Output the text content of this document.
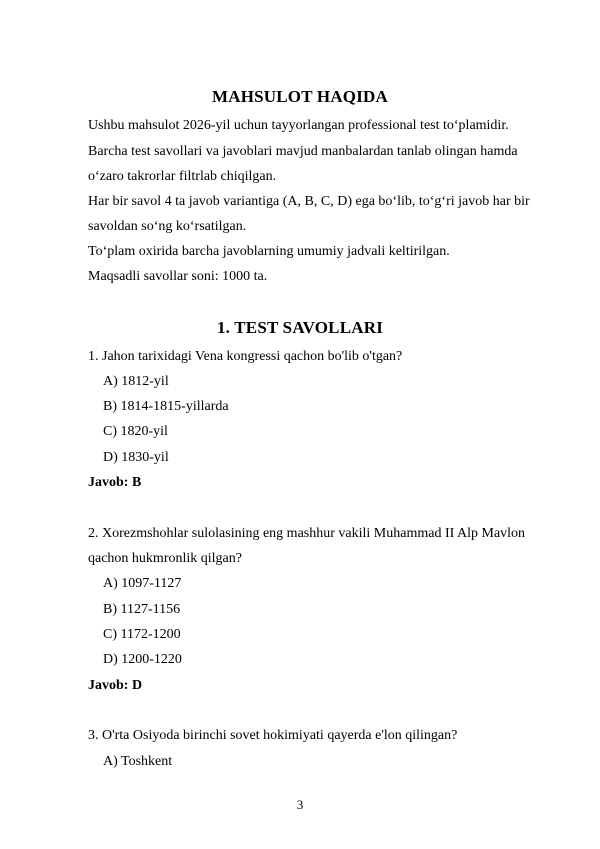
MAHSULOT HAQIDA
Ushbu mahsulot 2026-yil uchun tayyorlangan professional test to‘plamidir.
Barcha test savollari va javoblari mavjud manbalardan tanlab olingan hamda
o‘zaro takrorlar filtrlab chiqilgan.
Har bir savol 4 ta javob variantiga (A, B, C, D) ega bo‘lib, to‘g‘ri javob har bir
savoldan so‘ng ko‘rsatilgan.
To‘plam oxirida barcha javoblarning umumiy jadvali keltirilgan.
Maqsadli savollar soni: 1000 ta.
1. TEST SAVOLLARI
1. Jahon tarixidagi Vena kongressi qachon bo'lib o'tgan?
A) 1812-yil
B) 1814-1815-yillarda
C) 1820-yil
D) 1830-yil
Javob: B
2. Xorezmshohlar sulolasining eng mashhur vakili Muhammad II Alp Mavlon
qachon hukmronlik qilgan?
A) 1097-1127
B) 1127-1156
C) 1172-1200
D) 1200-1220
Javob: D
3. O'rta Osiyoda birinchi sovet hokimiyati qayerda e'lon qilingan?
A) Toshkent
3
